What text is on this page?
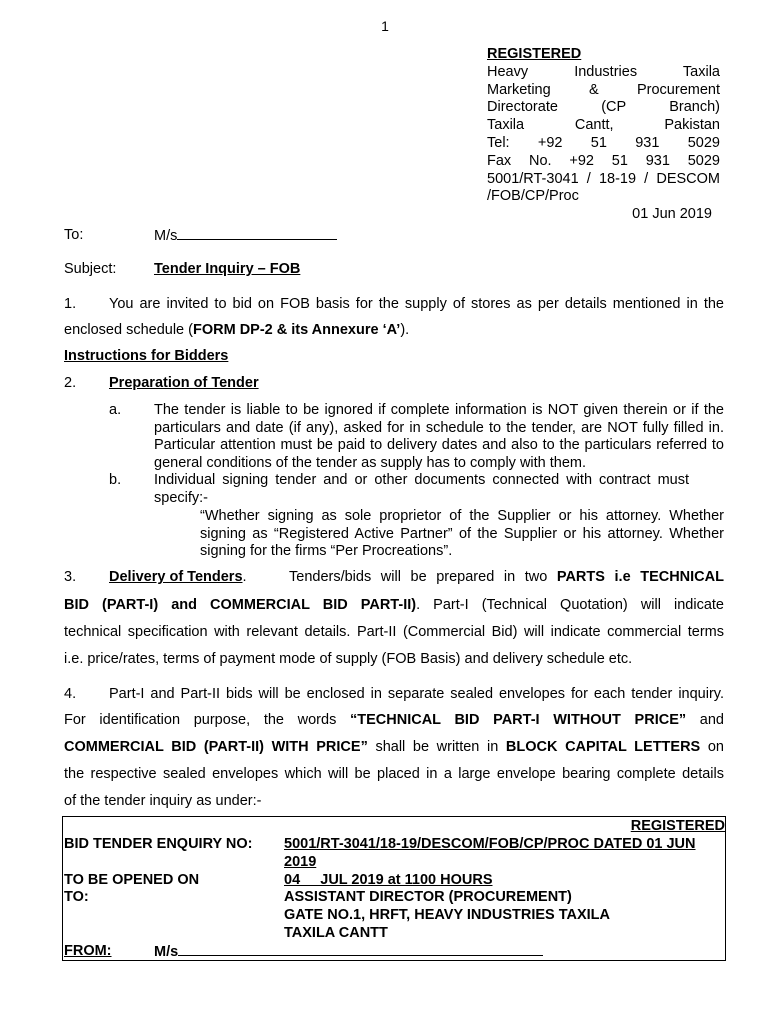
1
REGISTERED
Heavy Industries Taxila
Marketing & Procurement
Directorate (CP Branch)
Taxila Cantt, Pakistan
Tel: +92 51 931 5029
Fax No. +92 51 931 5029
5001/RT-3041 / 18-19 / DESCOM
/FOB/CP/Proc
01 Jun 2019
To:	M/s
Subject:	Tender Inquiry – FOB
1. You are invited to bid on FOB basis for the supply of stores as per details mentioned in the
enclosed schedule (FORM DP-2 & its Annexure ‘A’).
Instructions for Bidders
2. Preparation of Tender
a. The tender is liable to be ignored if complete information is NOT given therein or if the particulars and date (if any), asked for in schedule to the tender, are NOT fully filled in. Particular attention must be paid to delivery dates and also to the particulars referred to general conditions of the tender as supply has to comply with them.
b. Individual signing tender and or other documents connected with contract must specify:-
“Whether signing as sole proprietor of the Supplier or his attorney. Whether signing as “Registered Active Partner” of the Supplier or his attorney. Whether signing for the firms “Per Procreations”.
3. Delivery of Tenders.	Tenders/bids will be prepared in two PARTS i.e TECHNICAL
BID (PART-I) and COMMERCIAL BID PART-II). Part-I (Technical Quotation) will indicate
technical specification with relevant details. Part-II (Commercial Bid) will indicate commercial terms
i.e. price/rates, terms of payment mode of supply (FOB Basis) and delivery schedule etc.
4. Part-I and Part-II bids will be enclosed in separate sealed envelopes for each tender inquiry.
For identification purpose, the words “TECHNICAL BID PART-I WITHOUT PRICE” and
COMMERCIAL BID (PART-II) WITH PRICE” shall be written in BLOCK CAPITAL LETTERS on
the respective sealed envelopes which will be placed in a large envelope bearing complete details
of the tender inquiry as under:-
REGISTERED
BID TENDER ENQUIRY NO: 5001/RT-3041/18-19/DESCOM/FOB/CP/PROC DATED 01 JUN
2019
TO BE OPENED ON	04     JUL 2019 at 1100 HOURS
TO:	ASSISTANT DIRECTOR (PROCUREMENT)
GATE NO.1, HRFT, HEAVY INDUSTRIES TAXILA
TAXILA CANTT
FROM:	M/s
